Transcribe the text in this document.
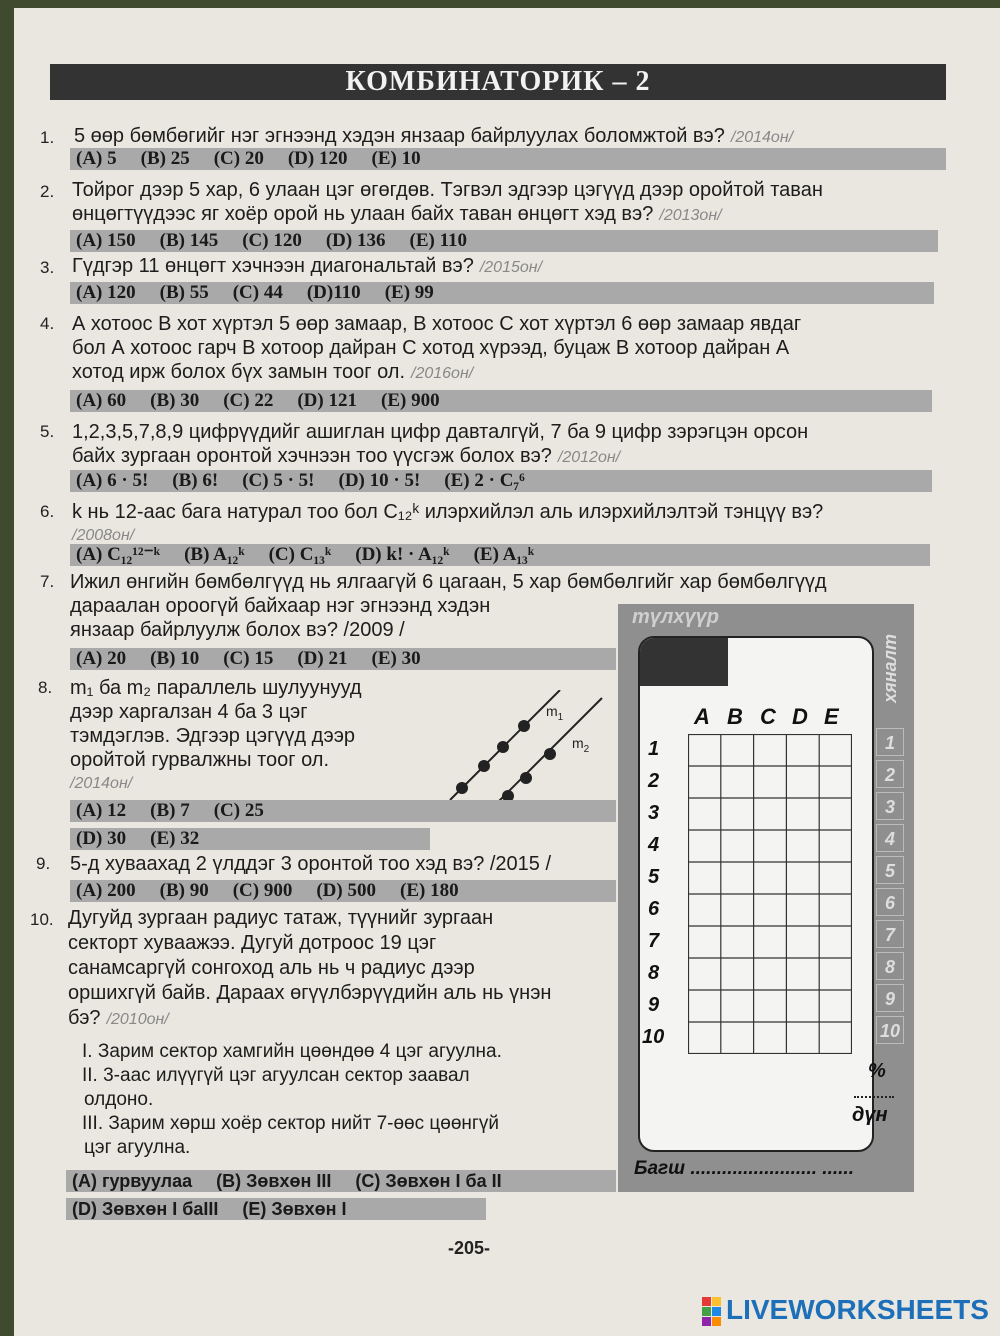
КОМБИНАТОРИК – 2
1. 5 өөр бөмбөгийг нэг эгнээнд хэдэн янзаар байрлуулах боломжтой вэ? /2014он/
(A) 5 (B) 25 (C) 20 (D) 120 (E) 10
2. Тойрог дээр 5 хар, 6 улаан цэг өгөгдөв. Тэгвэл эдгээр цэгүүд дээр оройтой таван
өнцөгтүүдээс яг хоёр орой нь улаан байх таван өнцөгт хэд вэ? /2013он/
(A) 150 (B) 145 (C) 120 (D) 136 (E) 110
3. Гүдгэр 11 өнцөгт хэчнээн диагональтай вэ? /2015он/
(A) 120 (B) 55 (C) 44 (D)110 (E) 99
4. А хотоос В хот хүртэл 5 өөр замаар, В хотоос С хот хүртэл 6 өөр замаар явдаг
бол А хотоос гарч В хотоор дайран С хотод хүрээд, буцаж В хотоор дайран А
хотод ирж болох бүх замын тоог ол. /2016он/
(A) 60 (B) 30 (C) 22 (D) 121 (E) 900
5. 1,2,3,5,7,8,9 цифрүүдийг ашиглан цифр давталгүй, 7 ба 9 цифр зэрэгцэн орсон
байх зургаан оронтой хэчнээн тоо үүсгэж болох вэ? /2012он/
(A) 6 · 5! (B) 6! (C) 5 · 5! (D) 10 · 5! (E) 2 · C₇⁶
6. k нь 12-аас бага натурал тоо бол C₁₂ᵏ илэрхийлэл аль илэрхийлэлтэй тэнцүү вэ?
/2008он/
(A) C₁₂¹²⁻ᵏ (B) A₁₂ᵏ (C) C₁₃ᵏ (D) k! · A₁₂ᵏ (E) A₁₃ᵏ
7. Ижил өнгийн бөмбөлгүүд нь ялгаагүй 6 цагаан, 5 хар бөмбөлгийг хар бөмбөлгүүд
дараалан ороогүй байхаар нэг эгнээнд хэдэн
янзаар байрлуулж болох вэ? /2009 /
(A) 20 (B) 10 (C) 15 (D) 21 (E) 30
8. m₁ ба m₂ параллель шулуунууд
дээр харгалзан 4 ба 3 цэг
тэмдэглэв. Эдгээр цэгүүд дээр
оройтой гурвалжны тоог ол.
/2014он/
$m_1$
$m_2$
(A) 12 (B) 7 (C) 25
(D) 30 (E) 32
9. 5-д хуваахад 2 үлддэг 3 оронтой тоо хэд вэ? /2015 /
(A) 200 (B) 90 (C) 900 (D) 500 (E) 180
10. Дугуйд зургаан радиус татаж, түүнийг зургаан
секторт хуваажээ. Дугуй дотроос 19 цэг
санамсаргүй сонгоход аль нь ч радиус дээр
оршихгүй байв. Дараах өгүүлбэрүүдийн аль нь үнэн
бэ? /2010он/
I. Зарим сектор хамгийн цөөндөө 4 цэг агуулна.
II. 3-аас илүүгүй цэг агуулсан сектор заавал
олдоно.
III. Зарим хөрш хоёр сектор нийт 7-өөс цөөнгүй
цэг агуулна.
(A) гурвуулаа (B) Зөвхөн III (C) Зөвхөн I ба II
(D) Зөвхөн I баIII (E) Зөвхөн I
түлхүүр
A B C D E
1
2
3
4
5
6
7
8
9
10
хяналт
1
2
3
4
5
6
7
8
9
10
%
дүн
Багш ........................ ......
-205-
LIVEWORKSHEETS
